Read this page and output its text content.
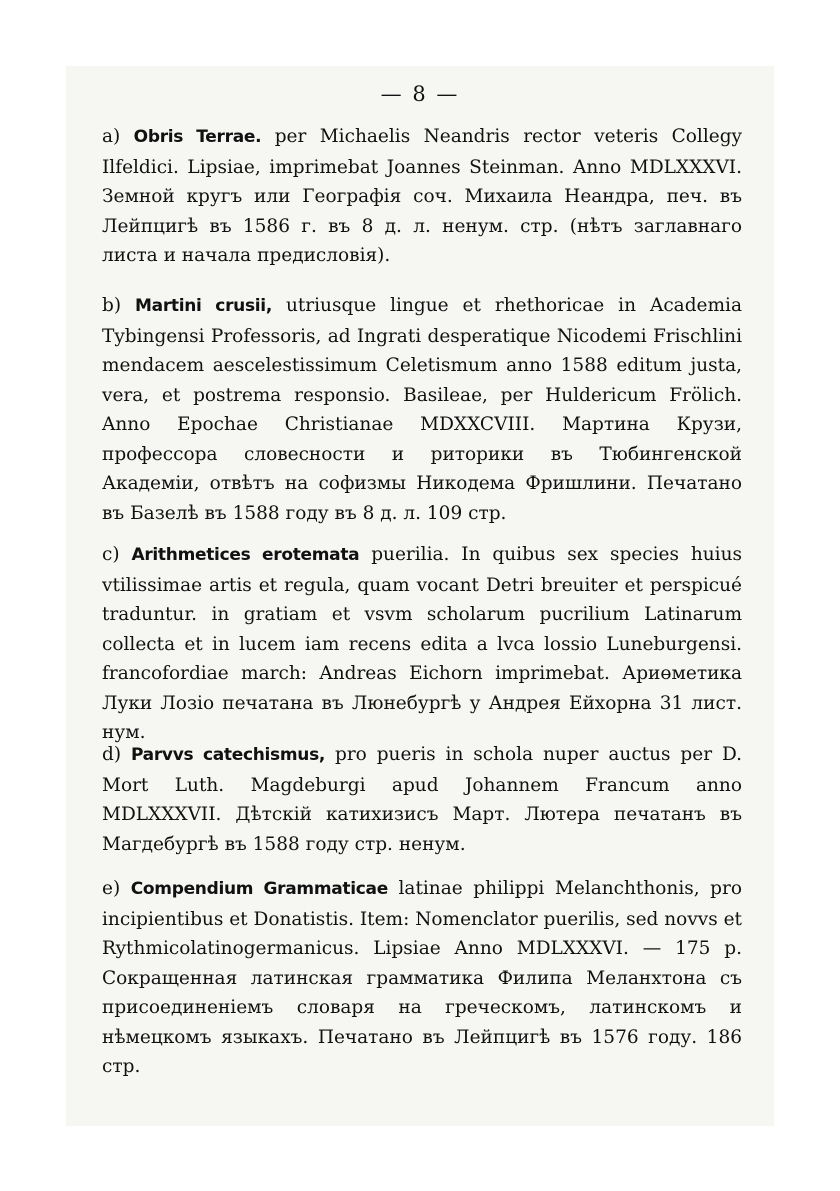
— 8 —

a) Obris Terrae. per Michaelis Neandris rector veteris Collegy Ilfeldici. Lipsiae, imprimebat Joannes Steinman. Anno MDLXXXVI. Земной кругъ или Географія соч. Михаила Неандра, печ. въ Лейпцигѣ въ 1586 г. въ 8 д. л. ненум. стр. (нѣтъ заглавнаго листа и начала предисловія).

b) Martini crusii, utriusque lingue et rhethoricae in Academia Tybingensi Professoris, ad Ingrati desperatique Nicodemi Frischlini mendacem aescelestissimum Celetismum anno 1588 editum justa, vera, et postrema responsio. Basileae, per Huldericum Frölich. Anno Epochae Christianae MDXXCVIII. Мартина Крузи, профессора словесности и риторики въ Тюбингенской Академіи, отвѣтъ на софизмы Никодема Фришлини. Печатано въ Базелѣ въ 1588 году въ 8 д. л. 109 стр.

c) Arithmetices erotemata puerilia. In quibus sex species huius vtilissimae artis et regula, quam vocant Detri breuiter et perspicué traduntur. in gratiam et vsvm scholarum pucrilium Latinarum collecta et in lucem iam recens edita a lvca lossio Luneburgensi. francofordiae march: Andreas Eichorn imprimebat. Ариөметика Луки Лозіо печатана въ Люнебургѣ у Андрея Ейхорна 31 лист. нум.

d) Parvvs catechismus, pro pueris in schola nuper auctus per D. Mort Luth. Magdeburgi apud Johannem Francum anno MDLXXXVII. Дѣтскій катихизисъ Март. Лютера печатанъ въ Магдебургѣ въ 1588 году стр. ненум.

e) Compendium Grammaticae latinae philippi Melanchthonis, pro incipientibus et Donatistis. Item: Nomenclator puerilis, sed novvs et Rythmicolatinogermanicus. Lipsiae Anno MDLXXXVI. — 175 p. Сокращенная латинская грамматика Филипа Меланхтона съ присоединеніемъ словаря на греческомъ, латинскомъ и нѣмецкомъ языкахъ. Печатано въ Лейпцигѣ въ 1576 году. 186 стр.
